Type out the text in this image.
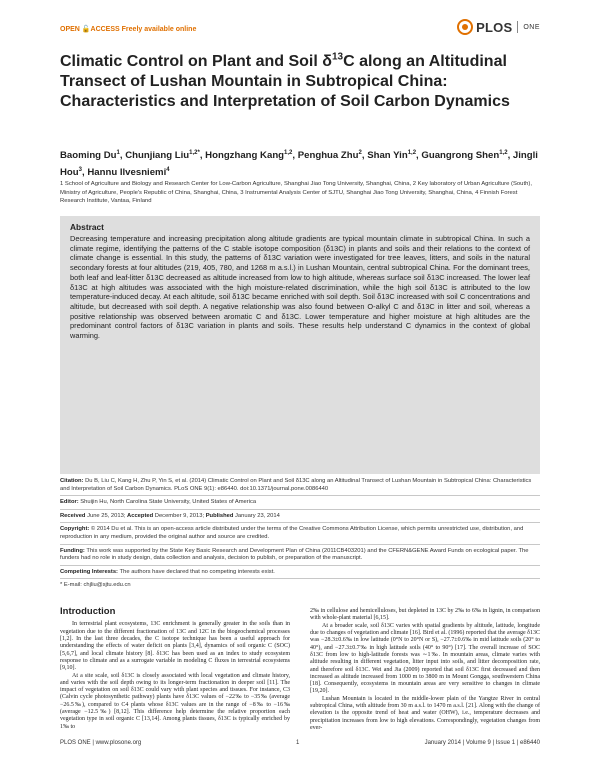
OPEN 🔓ACCESS Freely available online	PLOS ONE
Climatic Control on Plant and Soil $\delta^{13}C$ along an Altitudinal Transect of Lushan Mountain in Subtropical China: Characteristics and Interpretation of Soil Carbon Dynamics
Baoming Du$^1$, Chunjiang Liu$^{1,2*}$, Hongzhang Kang$^{1,2}$, Penghua Zhu$^2$, Shan Yin$^{1,2}$, Guangrong Shen$^{1,2}$, Jingli Hou$^3$, Hannu Ilvesniemi$^4$
1 School of Agriculture and Biology and Research Center for Low-Carbon Agriculture, Shanghai Jiao Tong University, Shanghai, China, 2 Key laboratory of Urban Agriculture (South), Ministry of Agriculture, People's Republic of China, Shanghai, China, 3 Instrumental Analysis Center of SJTU, Shanghai Jiao Tong University, Shanghai, China, 4 Finnish Forest Research Institute, Vantaa, Finland
Abstract
Decreasing temperature and increasing precipitation along altitude gradients are typical mountain climate in subtropical China. In such a climate regime, identifying the patterns of the C stable isotope composition (δ13C) in plants and soils and their relations to the context of climate change is essential. In this study, the patterns of δ13C variation were investigated for tree leaves, litters, and soils in the natural secondary forests at four altitudes (219, 405, 780, and 1268 m a.s.l.) in Lushan Mountain, central subtropical China. For the dominant trees, both leaf and leaf-litter δ13C decreased as altitude increased from low to high altitude, whereas surface soil δ13C increased. The lower leaf δ13C at high altitudes was associated with the high moisture-related discrimination, while the high soil δ13C is attributed to the low temperature-induced decay. At each altitude, soil δ13C became enriched with soil depth. Soil δ13C increased with soil C concentrations and altitude, but decreased with soil depth. A negative relationship was also found between O-alkyl C and δ13C in litter and soil, whereas a positive relationship was observed between aromatic C and δ13C. Lower temperature and higher moisture at high altitudes are the predominant control factors of δ13C variation in plants and soils. These results help understand C dynamics in the context of global warming.
Citation: Du B, Liu C, Kang H, Zhu P, Yin S, et al. (2014) Climatic Control on Plant and Soil δ13C along an Altitudinal Transect of Lushan Mountain in Subtropical China: Characteristics and Interpretation of Soil Carbon Dynamics. PLoS ONE 9(1): e86440. doi:10.1371/journal.pone.0086440
Editor: Shuijin Hu, North Carolina State University, United States of America
Received June 25, 2013; Accepted December 9, 2013; Published January 23, 2014
Copyright: © 2014 Du et al. This is an open-access article distributed under the terms of the Creative Commons Attribution License, which permits unrestricted use, distribution, and reproduction in any medium, provided the original author and source are credited.
Funding: This work was supported by the State Key Basic Research and Development Plan of China (2011CB403201) and the CFERN&GENE Award Funds on ecological paper. The funders had no role in study design, data collection and analysis, decision to publish, or preparation of the manuscript.
Competing Interests: The authors have declared that no competing interests exist.
* E-mail: chjliu@sjtu.edu.cn
PLOS ONE | www.plosone.org	1	January 2014 | Volume 9 | Issue 1 | e86440
Introduction

In terrestrial plant ecosystems, 13C enrichment is generally greater in the soils than in vegetation due to the different fractionation of 13C and 12C in the biogeochemical processes [1,2]. In the last three decades, the C isotope technique has been a useful approach for understanding the effects of water deficit on plants [3,4], dynamics of soil organic C (SOC) [5,6,7], and local climate history [8]. δ13C has been used as an index to study ecosystem response to climate and as a surrogate variable in modeling C fluxes in terrestrial ecosystems [9,10].

At a site scale, soil δ13C is closely associated with local vegetation and climate history, and varies with the soil depth owing to its longer-term fractionation in deeper soil [11]. The impact of vegetation on soil δ13C could vary with plant species and tissues. For instance, C3 (Calvin cycle photosynthetic pathway) plants have δ13C values of −22‰ to −35‰ (average −26.5‰), compared to C4 plants whose δ13C values are in the range of −8‰ to −16‰ (average −12.5‰) [8,12]. This difference help determine the relative proportion each vegetation type in soil organic C [13,14]. Among plants tissues, δ13C is typically enriched by 1‰ to

2‰ in cellulose and hemicelluloses, but depleted in 13C by 2‰ to 6‰ in lignin, in comparison with whole-plant material [6,15].

At a broader scale, soil δ13C varies with spatial gradients by altitude, latitude, longitude due to changes of vegetation and climate [16]. Bird et al. (1996) reported that the average δ13C was −28.3±0.6‰ in low latitude (0°N to 20°N or S), −27.7±0.6‰ in mid latitude soils (20° to 40°), and −27.3±0.7‰ in high latitude soils (40° to 90°) [17]. The overall increase of SOC δ13C from low to high-latitude forests was ∼1‰. In mountain areas, climate varies with altitude resulting in different vegetation, litter input into soils, and litter decomposition rate, and therefore soil δ13C. Wei and Jia (2009) reported that soil δ13C first decreased and then increased as altitude increased from 1000 m to 3800 m in Mount Gongga, southwestern China [18]. Consequently, ecosystems in mountain areas are very sensitive to changes in climate [19,20].

Lushan Mountain is located in the middle-lower plain of the Yangtze River in central subtropical China, with altitude from 30 m a.s.l. to 1470 m a.s.l. [21]. Along with the change of elevation is the opposite trend of heat and water (OHW), i.e., temperature decreases and precipitation increases from low to high elevations. Correspondingly, vegetation changes from ever-
